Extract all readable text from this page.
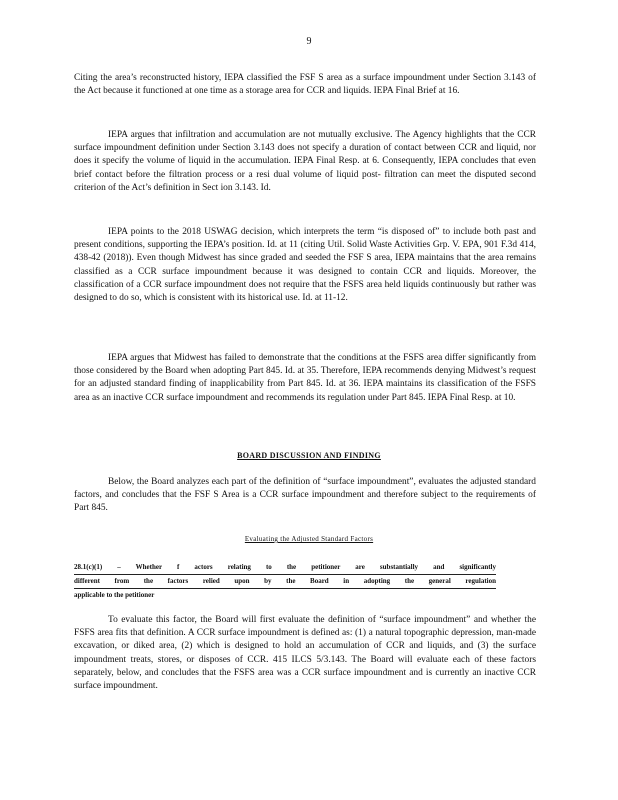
9

Citing the area’s reconstructed history, IEPA classified the FSF S area as a surface impoundment under Section 3.143 of the Act because it functioned at one time as a storage area for CCR and liquids. IEPA Final Brief at 16.

IEPA argues that infiltration and accumulation are not mutually exclusive. The Agency highlights that the CCR surface impoundment definition under Section 3.143 does not specify a duration of contact between CCR and liquid, nor does it specify the volume of liquid in the accumulation. IEPA Final Resp. at 6. Consequently, IEPA concludes that even brief contact before the filtration process or a resi dual volume of liquid post- filtration can meet the disputed second criterion of the Act’s definition in Sect ion 3.143. Id.

IEPA points to the 2018 USWAG decision, which interprets the term “is disposed of” to include both past and present conditions, supporting the IEPA’s position. Id. at 11 (citing Util. Solid Waste Activities Grp. V. EPA, 901 F.3d 414, 438-42 (2018)). Even though Midwest has since graded and seeded the FSF S area, IEPA maintains that the area remains classified as a CCR surface impoundment because it was designed to contain CCR and liquids. Moreover, the classification of a CCR surface impoundment does not require that the FSFS area held liquids continuously but rather was designed to do so, which is consistent with its historical use. Id. at 11-12.

IEPA argues that Midwest has failed to demonstrate that the conditions at the FSFS area differ significantly from those considered by the Board when adopting Part 845. Id. at 35. Therefore, IEPA recommends denying Midwest’s request for an adjusted standard finding of inapplicability from Part 845. Id. at 36. IEPA maintains its classification of the FSFS area as an inactive CCR surface impoundment and recommends its regulation under Part 845. IEPA Final Resp. at 10.

BOARD DISCUSSION AND FINDING

Below, the Board analyzes each part of the definition of “surface impoundment”, evaluates the adjusted standard factors, and concludes that the FSF S Area is a CCR surface impoundment and therefore subject to the requirements of Part 845.

Evaluating the Adjusted Standard Factors
28.1(c)(1) – Whether f actors relating to the petitioner are substantially and significantly
different from the factors relied upon by the Board in adopting the general regulation
applicable to the petitioner

To evaluate this factor, the Board will first evaluate the definition of “surface impoundment” and whether the FSFS area fits that definition. A CCR surface impoundment is defined as: (1) a natural topographic depression, man-made excavation, or diked area, (2) which is designed to hold an accumulation of CCR and liquids, and (3) the surface impoundment treats, stores, or disposes of CCR. 415 ILCS 5/3.143. The Board will evaluate each of these factors separately, below, and concludes that the FSFS area was a CCR surface impoundment and is currently an inactive CCR surface impoundment.
